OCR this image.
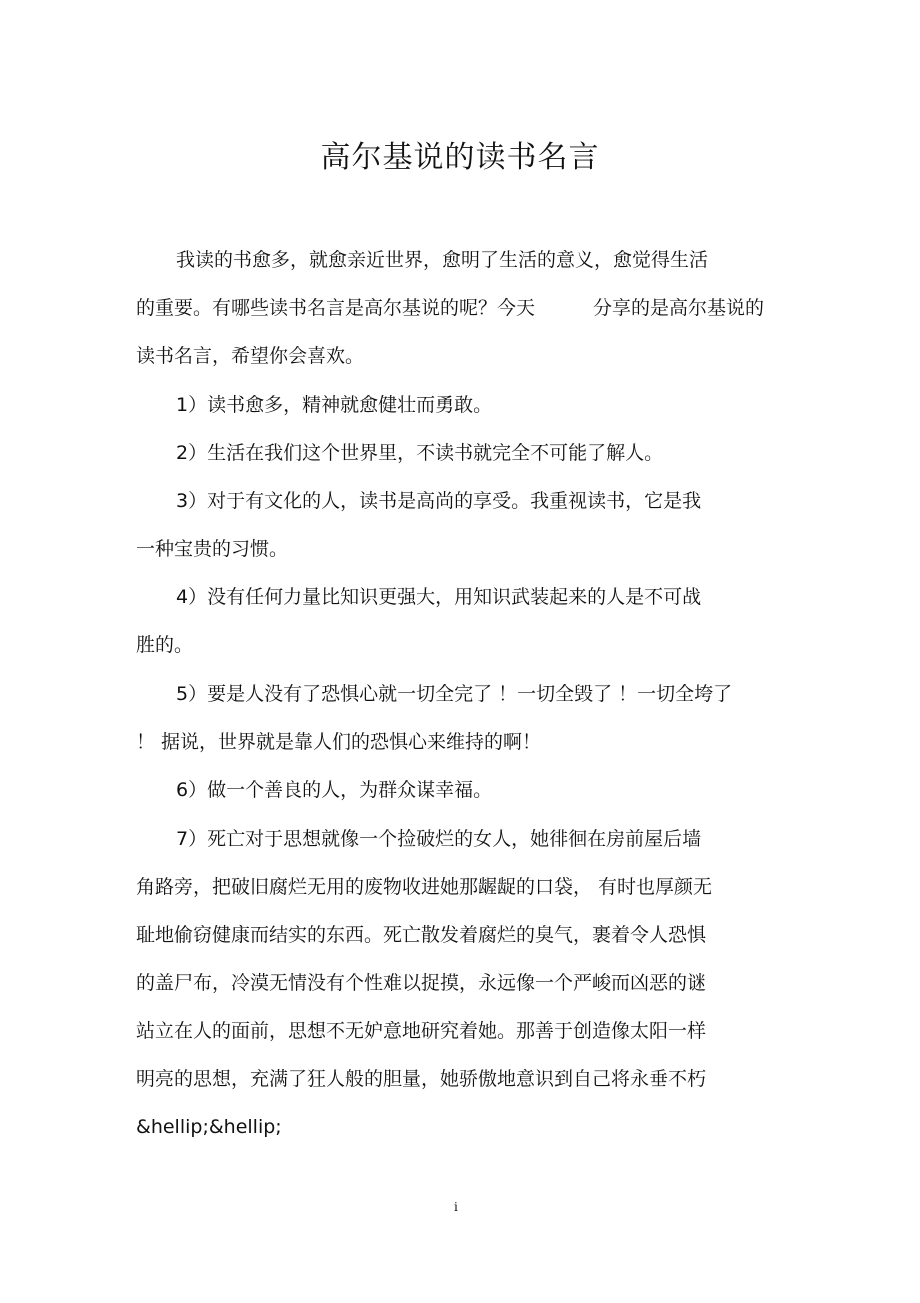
高尔基说的读书名言
我读的书愈多，就愈亲近世界，愈明了生活的意义，愈觉得生活
的重要。有哪些读书名言是高尔基说的呢？今天	分享的是高尔基说的
读书名言，希望你会喜欢。
1）读书愈多，精神就愈健壮而勇敢。
2）生活在我们这个世界里，不读书就完全不可能了解人。
3）对于有文化的人，读书是高尚的享受。我重视读书，它是我
一种宝贵的习惯。
4）没有任何力量比知识更强大，用知识武装起来的人是不可战
胜的。
5）要是人没有了恐惧心就一切全完了 ！一切全毁了 ！一切全垮了
！ 据说，世界就是靠人们的恐惧心来维持的啊！
6）做一个善良的人，为群众谋幸福。
7）死亡对于思想就像一个捡破烂的女人，她徘徊在房前屋后墙
角路旁，把破旧腐烂无用的废物收进她那龌龊的口袋， 有时也厚颜无
耻地偷窃健康而结实的东西。死亡散发着腐烂的臭气，裹着令人恐惧
的盖尸布，冷漠无情没有个性难以捉摸，永远像一个严峻而凶恶的谜
站立在人的面前，思想不无妒意地研究着她。那善于创造像太阳一样
明亮的思想，充满了狂人般的胆量，她骄傲地意识到自己将永垂不朽
&hellip;&hellip;
i
